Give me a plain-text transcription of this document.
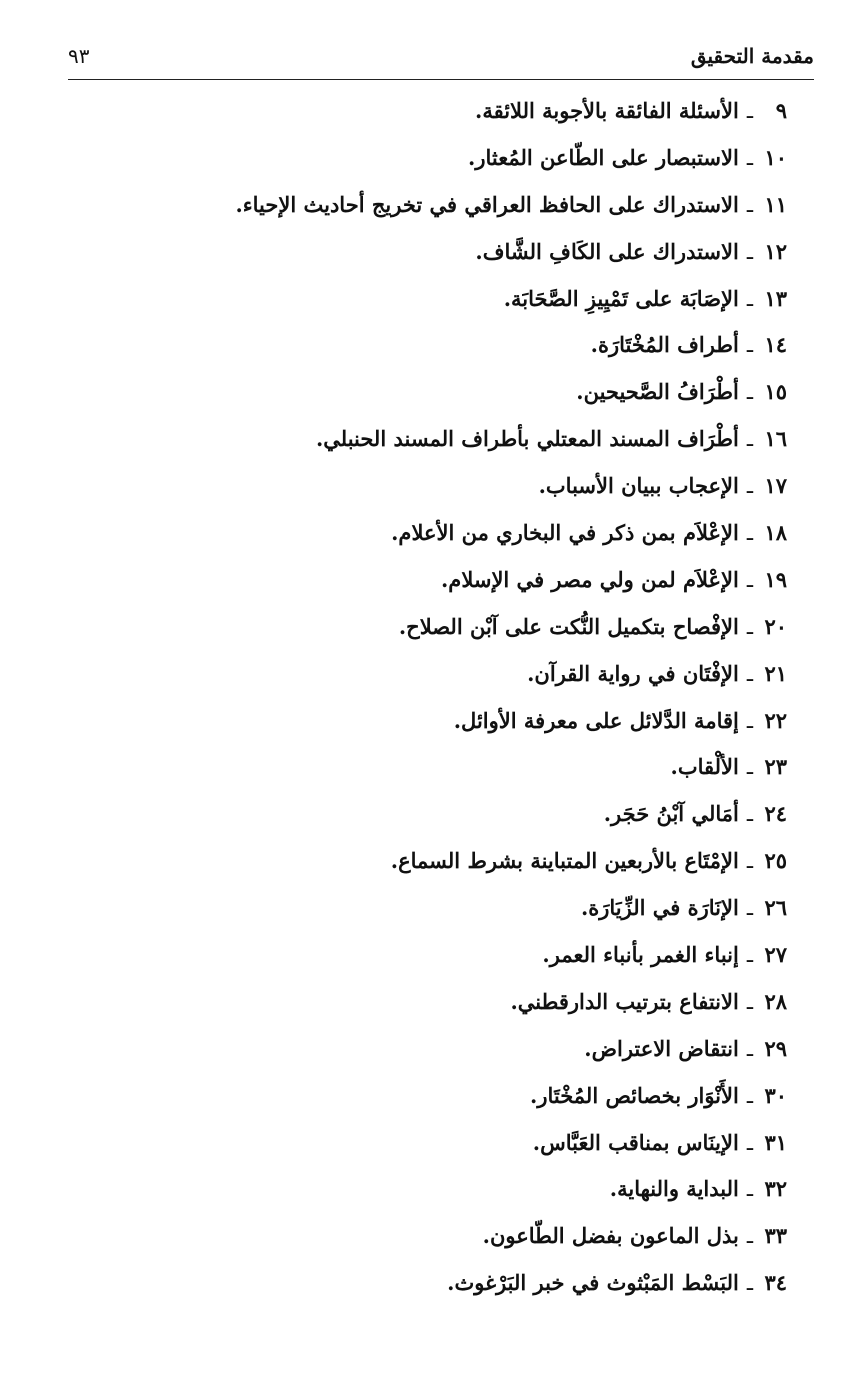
٩٣	مقدمة التحقيق
٩ـالأسئلة الفائقة بالأجوبة اللائقة.
١٠ـالاستبصار على الطّاعن المُعثار.
١١ـالاستدراك على الحافظ العراقي في تخريج أحاديث الإحياء.
١٢ـالاستدراك على الكَافِ الشَّاف.
١٣ـالإصَابَة على تَمْيِيزِ الصَّحَابَة.
١٤ـأطراف المُخْتَارَة.
١٥ـأطْرَافُ الصَّحيحين.
١٦ـأطْرَاف المسند المعتلي بأطراف المسند الحنبلي.
١٧ـالإعجاب ببيان الأسباب.
١٨ـالإعْلاَم بمن ذكر في البخاري من الأعلام.
١٩ـالإعْلاَم لمن ولي مصر في الإسلام.
٢٠ـالإفْصاح بتكميل النُّكت على آبْن الصلاح.
٢١ـالإفْتَان في رواية القرآن.
٢٢ـإقامة الدَّلائل على معرفة الأوائل.
٢٣ـالألْقاب.
٢٤ـأمَالي آبْنُ حَجَر.
٢٥ـالإمْتَاع بالأربعين المتباينة بشرط السماع.
٢٦ـالإنَارَة في الزِّيَارَة.
٢٧ـإنباء الغمر بأنباء العمر.
٢٨ـالانتفاع بترتيب الدارقطني.
٢٩ـانتقاض الاعتراض.
٣٠ـالأَنْوَار بخصائص المُخْتَار.
٣١ـالإينَاس بمناقب العَبَّاس.
٣٢ـالبداية والنهاية.
٣٣ـبذل الماعون بفضل الطّاعون.
٣٤ـالبَسْط المَبْثوث في خبر البَرْغوث.
